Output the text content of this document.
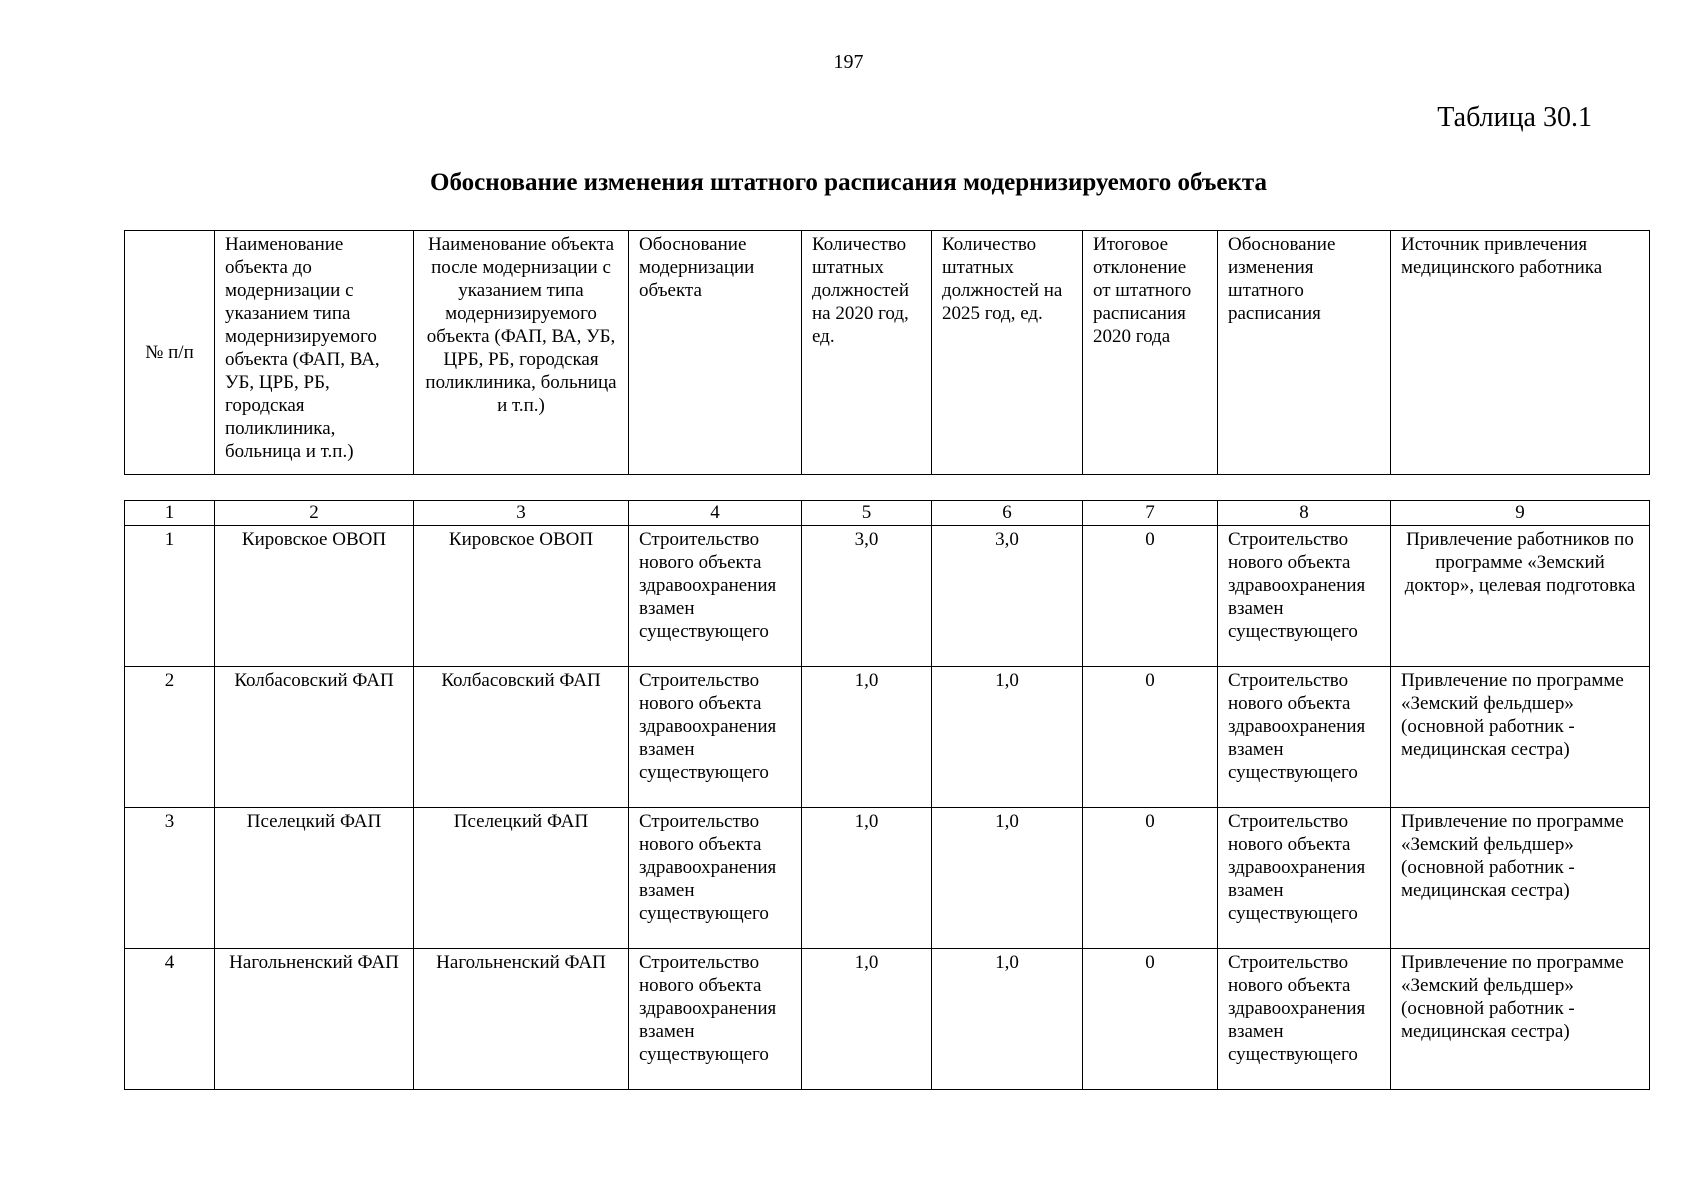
197
Таблица 30.1
Обоснование изменения штатного расписания модернизируемого объекта
№ п/п	Наименование объекта до модернизации с указанием типа модернизируемого объекта (ФАП, ВА, УБ, ЦРБ, РБ, городская поликлиника, больница и т.п.)	Наименование объекта после модернизации с указанием типа модернизируемого объекта (ФАП, ВА, УБ, ЦРБ, РБ, городская поликлиника, больница и т.п.)	Обоснование модернизации объекта	Количество штатных должностей на 2020 год, ед.	Количество штатных должностей на 2025 год, ед.	Итоговое отклонение от штатного расписания 2020 года	Обоснование изменения штатного расписания	Источник привлечения медицинского работника
1	2	3	4	5	6	7	8	9
1	Кировское ОВОП	Кировское ОВОП	Строительство нового объекта здравоохранения взамен существующего	3,0	3,0	0	Строительство нового объекта здравоохранения взамен существующего	Привлечение работников по программе «Земский доктор», целевая подготовка
2	Колбасовский ФАП	Колбасовский ФАП	Строительство нового объекта здравоохранения взамен существующего	1,0	1,0	0	Строительство нового объекта здравоохранения взамен существующего	Привлечение по программе «Земский фельдшер» (основной работник - медицинская сестра)
3	Пселецкий ФАП	Пселецкий ФАП	Строительство нового объекта здравоохранения взамен существующего	1,0	1,0	0	Строительство нового объекта здравоохранения взамен существующего	Привлечение по программе «Земский фельдшер» (основной работник - медицинская сестра)
4	Нагольненский ФАП	Нагольненский ФАП	Строительство нового объекта здравоохранения взамен существующего	1,0	1,0	0	Строительство нового объекта здравоохранения взамен существующего	Привлечение по программе «Земский фельдшер» (основной работник - медицинская сестра)
